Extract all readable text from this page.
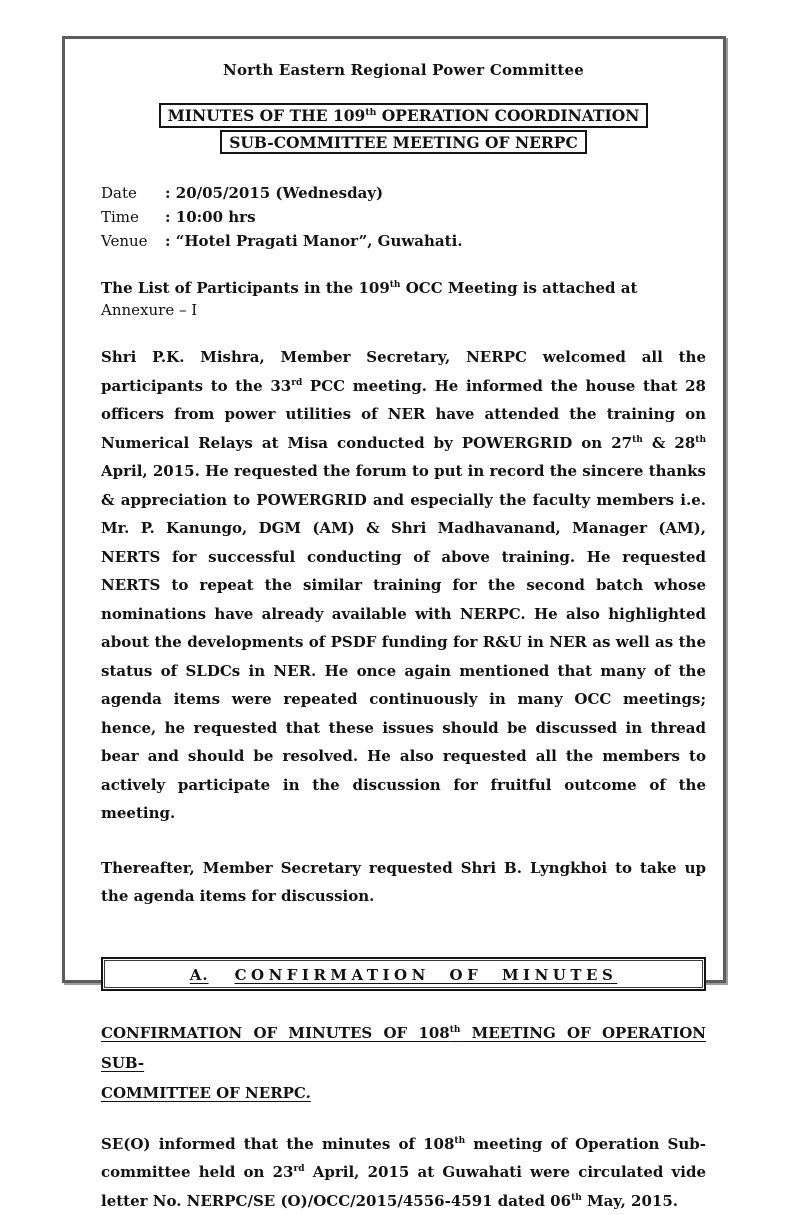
North Eastern Regional Power Committee
MINUTES OF THE 109th OPERATION COORDINATION
SUB-COMMITTEE MEETING OF NERPC
Date	: 20/05/2015 (Wednesday)
Time	: 10:00 hrs
Venue	: “Hotel Pragati Manor”, Guwahati.
The List of Participants in the 109th OCC Meeting is attached at Annexure – I
Shri P.K. Mishra, Member Secretary, NERPC welcomed all the participants to the 33rd PCC meeting. He informed the house that 28 officers from power utilities of NER have attended the training on Numerical Relays at Misa conducted by POWERGRID on 27th & 28th April, 2015. He requested the forum to put in record the sincere thanks & appreciation to POWERGRID and especially the faculty members i.e. Mr. P. Kanungo, DGM (AM) & Shri Madhavanand, Manager (AM), NERTS for successful conducting of above training. He requested NERTS to repeat the similar training for the second batch whose nominations have already available with NERPC. He also highlighted about the developments of PSDF funding for R&U in NER as well as the status of SLDCs in NER. He once again mentioned that many of the agenda items were repeated continuously in many OCC meetings; hence, he requested that these issues should be discussed in thread bear and should be resolved. He also requested all the members to actively participate in the discussion for fruitful outcome of the meeting.
Thereafter, Member Secretary requested Shri B. Lyngkhoi to take up the agenda items for discussion.
A. CONFIRMATION OF MINUTES
CONFIRMATION OF MINUTES OF 108th MEETING OF OPERATION SUB-
COMMITTEE OF NERPC.
SE(O) informed that the minutes of 108th meeting of Operation Sub-committee held on 23rd April, 2015 at Guwahati were circulated vide letter No. NERPC/SE (O)/OCC/2015/4556-4591 dated 06th May, 2015.
